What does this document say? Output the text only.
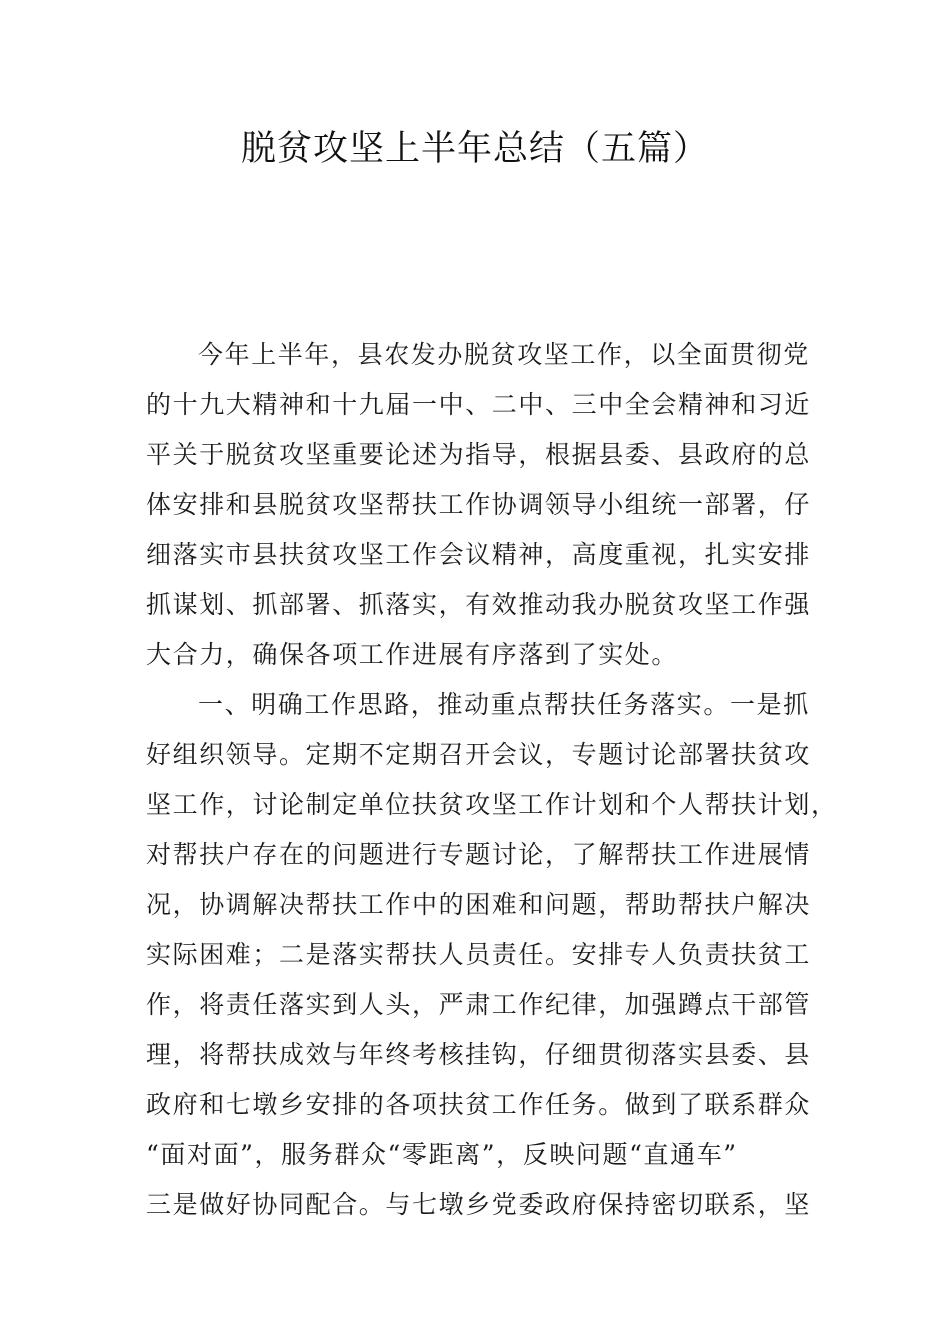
脱贫攻坚上半年总结（五篇）
今年上半年，县农发办脱贫攻坚工作，以全面贯彻党
的十九大精神和十九届一中、二中、三中全会精神和习近
平关于脱贫攻坚重要论述为指导，根据县委、县政府的总
体安排和县脱贫攻坚帮扶工作协调领导小组统一部署，仔
细落实市县扶贫攻坚工作会议精神，高度重视，扎实安排
抓谋划、抓部署、抓落实，有效推动我办脱贫攻坚工作强
大合力，确保各项工作进展有序落到了实处。
一、明确工作思路，推动重点帮扶任务落实。一是抓
好组织领导。定期不定期召开会议，专题讨论部署扶贫攻
坚工作，讨论制定单位扶贫攻坚工作计划和个人帮扶计划，
对帮扶户存在的问题进行专题讨论，了解帮扶工作进展情
况，协调解决帮扶工作中的困难和问题，帮助帮扶户解决
实际困难；二是落实帮扶人员责任。安排专人负责扶贫工
作，将责任落实到人头，严肃工作纪律，加强蹲点干部管
理，将帮扶成效与年终考核挂钩，仔细贯彻落实县委、县
政府和七墩乡安排的各项扶贫工作任务。做到了联系群众
“面对面”，服务群众“零距离”，反映问题“直通车”
三是做好协同配合。与七墩乡党委政府保持密切联系，坚
